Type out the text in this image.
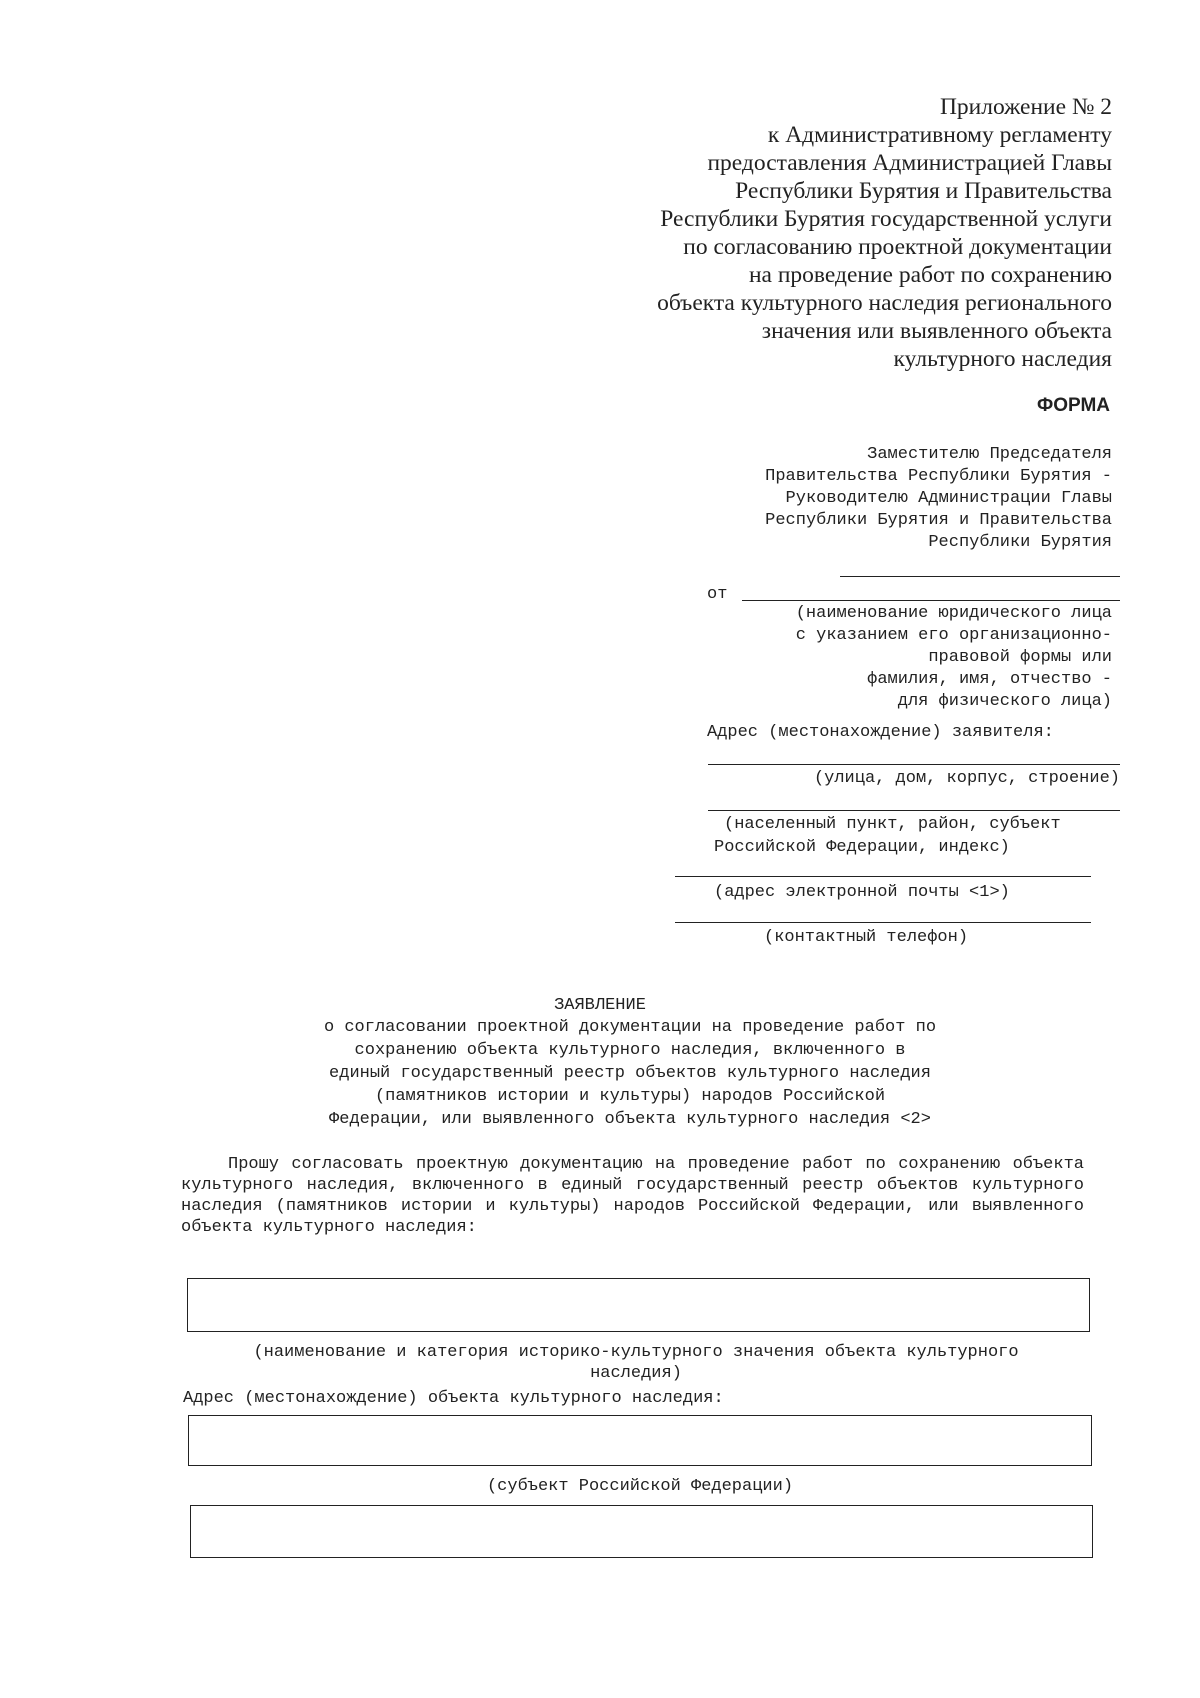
Приложение № 2
к Административному регламенту
предоставления Администрацией Главы
Республики Бурятия и Правительства
Республики Бурятия государственной услуги
по согласованию проектной документации
на проведение работ по сохранению
объекта культурного наследия регионального
значения или выявленного объекта
культурного наследия
ФОРМА
Заместителю Председателя
Правительства Республики Бурятия -
Руководителю Администрации Главы
Республики Бурятия и Правительства
Республики Бурятия
от
(наименование юридического лица
с указанием его организационно-
правовой формы или
фамилия, имя, отчество -
для физического лица)
Адрес (местонахождение) заявителя:
(улица, дом, корпус, строение)
(населенный пункт, район, субъект
Российской Федерации, индекс)
(адрес электронной почты <1>)
(контактный телефон)
ЗАЯВЛЕНИЕ
о согласовании проектной документации на проведение работ по
сохранению объекта культурного наследия, включенного в
единый государственный реестр объектов культурного наследия
(памятников истории и культуры) народов Российской
Федерации, или выявленного объекта культурного наследия <2>
Прошу согласовать проектную документацию на проведение работ по сохранению объекта культурного наследия, включенного в единый государственный реестр объектов культурного наследия (памятников истории и культуры) народов Российской Федерации, или выявленного объекта культурного наследия:
(наименование и категория историко-культурного значения объекта культурного
наследия)
Адрес (местонахождение) объекта культурного наследия:
(субъект Российской Федерации)
